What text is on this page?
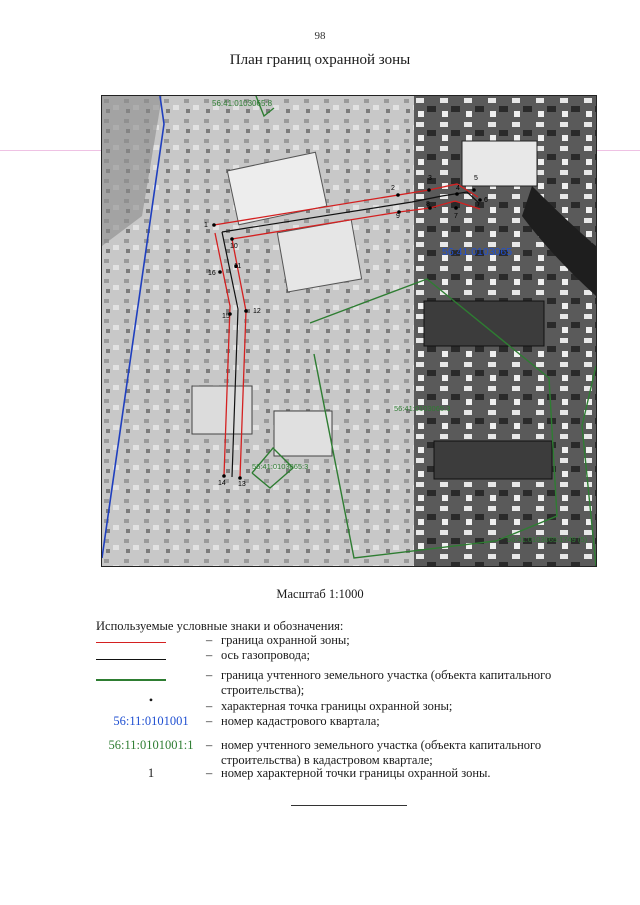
98
План границ охранной зоны
56:41:0103065:8
56:41:0103065
56:41:0103065:3
56:41:0103065:3
56:41:0103065:1749 (5)
1
2
3
4
5
6
7
8
9
10
11
12
13
14
15
16
Масштаб 1:1000
Используемые условные знаки и обозначения:
– граница охранной зоны;
– ось газопровода;
– граница учтенного земельного участка (объекта капитального строительства);
•	– характерная точка границы охранной зоны;
56:11:0101001	– номер кадастрового квартала;
56:11:0101001:1	– номер учтенного земельного участка (объекта капитального строительства) в кадастровом квартале;
1	– номер характерной точки границы охранной зоны.
